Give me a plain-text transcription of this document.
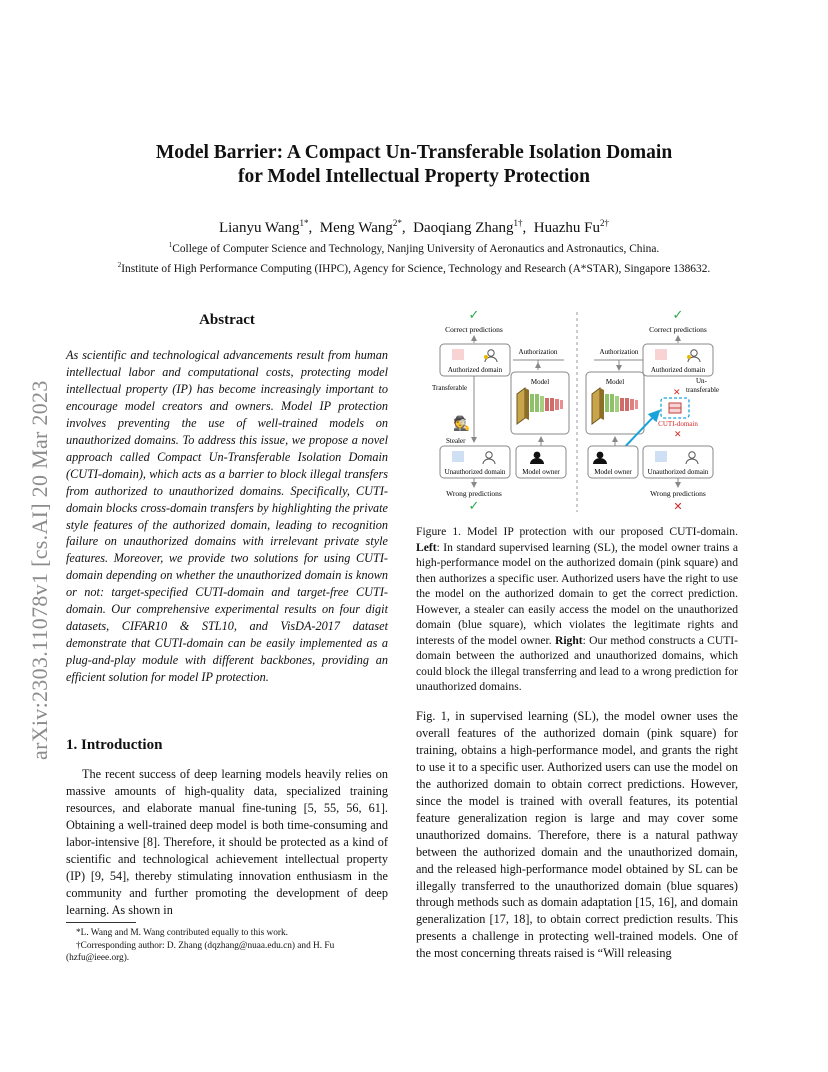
arXiv:2303.11078v1 [cs.AI] 20 Mar 2023
Model Barrier: A Compact Un-Transferable Isolation Domain
for Model Intellectual Property Protection
Lianyu Wang$^{1*}$,  Meng Wang$^{2*}$,  Daoqiang Zhang$^{1\dagger}$,  Huazhu $Fu^{2\dagger}$
$^1$College of Computer Science and Technology, Nanjing University of Aeronautics and Astronautics, China.
$^2$Institute of High Performance Computing (IHPC), Agency for Science, Technology and Research (A*STAR), Singapore 138632.
Abstract
As scientific and technological advancements result from human intellectual labor and computational costs, protecting model intellectual property (IP) has become increasingly important to encourage model creators and owners. Model IP protection involves preventing the use of well-trained models on unauthorized domains. To address this issue, we propose a novel approach called Compact Un-Transferable Isolation Domain (CUTI-domain), which acts as a barrier to block illegal transfers from authorized to unauthorized domains. Specifically, CUTI-domain blocks cross-domain transfers by highlighting the private style features of the authorized domain, leading to recognition failure on unauthorized domains with irrelevant private style features. Moreover, we provide two solutions for using CUTI-domain depending on whether the unauthorized domain is known or not: target-specified CUTI-domain and target-free CUTI-domain. Our comprehensive experimental results on four digit datasets, CIFAR10 & STL10, and VisDA-2017 dataset demonstrate that CUTI-domain can be easily implemented as a plug-and-play module with different backbones, providing an efficient solution for model IP protection.
1. Introduction
The recent success of deep learning models heavily relies on massive amounts of high-quality data, specialized training resources, and elaborate manual fine-tuning [5, 55, 56, 61]. Obtaining a well-trained deep model is both time-consuming and labor-intensive [8]. Therefore, it should be protected as a kind of scientific and technological achievement intellectual property (IP) [9, 54], thereby stimulating innovation enthusiasm in the community and further promoting the development of deep learning. As shown in
*L. Wang and M. Wang contributed equally to this work.
†Corresponding author: D. Zhang (dqzhang@nuaa.edu.cn) and H. Fu (hzfu@ieee.org).
✓
Correct predictions
Authorized domain
Authorization
Transferable
Model
🕵
Stealer
Unauthorized domain Model owner
Wrong predictions
✓
✓
Correct predictions
Authorized domain
Authorization
Model	Un-
transferable
✕
CUTI-domain
✕
Model owner Unauthorized domain
Wrong predictions
✕
Figure 1. Model IP protection with our proposed CUTI-domain. Left: In standard supervised learning (SL), the model owner trains a high-performance model on the authorized domain (pink square) and then authorizes a specific user. Authorized users have the right to use the model on the authorized domain to get the correct prediction. However, a stealer can easily access the model on the unauthorized domain (blue square), which violates the legitimate rights and interests of the model owner. Right: Our method constructs a CUTI-domain between the authorized and unauthorized domains, which could block the illegal transferring and lead to a wrong prediction for unauthorized domains.
Fig. 1, in supervised learning (SL), the model owner uses the overall features of the authorized domain (pink square) for training, obtains a high-performance model, and grants the right to use it to a specific user. Authorized users can use the model on the authorized domain to obtain correct predictions. However, since the model is trained with overall features, its potential feature generalization region is large and may cover some unauthorized domains. Therefore, there is a natural pathway between the authorized domain and the unauthorized domain, and the released high-performance model obtained by SL can be illegally transferred to the unauthorized domain (blue squares) through methods such as domain adaptation [15, 16], and domain generalization [17, 18], to obtain correct prediction results. This presents a challenge in protecting well-trained models. One of the most concerning threats raised is “Will releasing
